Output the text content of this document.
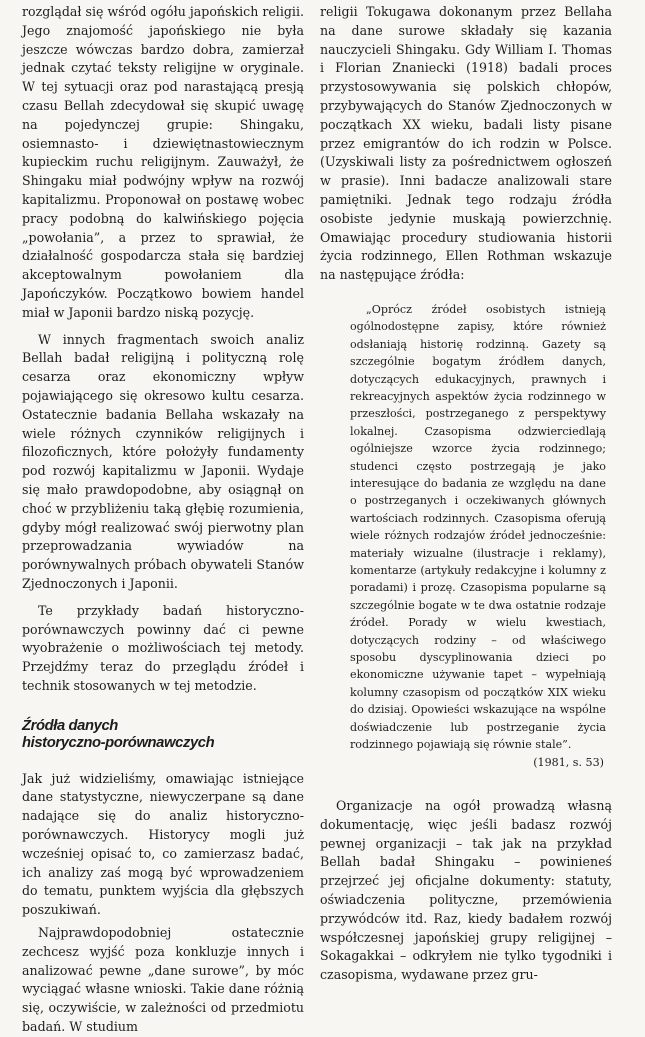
rozglądał się wśród ogółu japońskich religii. Jego znajomość japońskiego nie była jeszcze wówczas bardzo dobra, zamierzał jednak czytać teksty religijne w oryginale. W tej sytuacji oraz pod narastającą presją czasu Bellah zdecydował się skupić uwagę na pojedynczej grupie: Shingaku, osiemnasto- i dziewiętnastowiecznym kupieckim ruchu religijnym. Zauważył, że Shingaku miał podwójny wpływ na rozwój kapitalizmu. Proponował on postawę wobec pracy podobną do kalwińskiego pojęcia „powołania”, a przez to sprawiał, że działalność gospodarcza stała się bardziej akceptowalnym powołaniem dla Japończyków. Początkowo bowiem handel miał w Japonii bardzo niską pozycję.

W innych fragmentach swoich analiz Bellah badał religijną i polityczną rolę cesarza oraz ekonomiczny wpływ pojawiającego się okresowo kultu cesarza. Ostatecznie badania Bellaha wskazały na wiele różnych czynników religijnych i filozoficznych, które położyły fundamenty pod rozwój kapitalizmu w Japonii. Wydaje się mało prawdopodobne, aby osiągnął on choć w przybliżeniu taką głębię rozumienia, gdyby mógł realizować swój pierwotny plan przeprowadzania wywiadów na porównywalnych próbach obywateli Stanów Zjednoczonych i Japonii.

Te przykłady badań historyczno-porównawczych powinny dać ci pewne wyobrażenie o możliwościach tej metody. Przejdźmy teraz do przeglądu źródeł i technik stosowanych w tej metodzie.

Źródła danych
historyczno-porównawczych

Jak już widzieliśmy, omawiając istniejące dane statystyczne, niewyczerpane są dane nadające się do analiz historyczno-porównawczych. Historycy mogli już wcześniej opisać to, co zamierzasz badać, ich analizy zaś mogą być wprowadzeniem do tematu, punktem wyjścia dla głębszych poszukiwań.

Najprawdopodobniej ostatecznie zechcesz wyjść poza konkluzje innych i analizować pewne „dane surowe”, by móc wyciągać własne wnioski. Takie dane różnią się, oczywiście, w zależności od przedmiotu badań. W studium

religii Tokugawa dokonanym przez Bellaha na dane surowe składały się kazania nauczycieli Shingaku. Gdy William I. Thomas i Florian Znaniecki (1918) badali proces przystosowywania się polskich chłopów, przybywających do Stanów Zjednoczonych w początkach XX wieku, badali listy pisane przez emigrantów do ich rodzin w Polsce. (Uzyskiwali listy za pośrednictwem ogłoszeń w prasie). Inni badacze analizowali stare pamiętniki. Jednak tego rodzaju źródła osobiste jedynie muskają powierzchnię. Omawiając procedury studiowania historii życia rodzinnego, Ellen Rothman wskazuje na następujące źródła:

„Oprócz źródeł osobistych istnieją ogólnodostępne zapisy, które również odsłaniają historię rodzinną. Gazety są szczególnie bogatym źródłem danych, dotyczących edukacyjnych, prawnych i rekreacyjnych aspektów życia rodzinnego w przeszłości, postrzeganego z perspektywy lokalnej. Czasopisma odzwierciedlają ogólniejsze wzorce życia rodzinnego; studenci często postrzegają je jako interesujące do badania ze względu na dane o postrzeganych i oczekiwanych głównych wartościach rodzinnych. Czasopisma oferują wiele różnych rodzajów źródeł jednocześnie: materiały wizualne (ilustracje i reklamy), komentarze (artykuły redakcyjne i kolumny z poradami) i prozę. Czasopisma popularne są szczególnie bogate w te dwa ostatnie rodzaje źródeł. Porady w wielu kwestiach, dotyczących rodziny – od właściwego sposobu dyscyplinowania dzieci po ekonomiczne używanie tapet – wypełniają kolumny czasopism od początków XIX wieku do dzisiaj. Opowieści wskazujące na wspólne doświadczenie lub postrzeganie życia rodzinnego pojawiają się równie stale”.

(1981, s. 53)

Organizacje na ogół prowadzą własną dokumentację, więc jeśli badasz rozwój pewnej organizacji – tak jak na przykład Bellah badał Shingaku – powinieneś przejrzeć jej oficjalne dokumenty: statuty, oświadczenia polityczne, przemówienia przywódców itd. Raz, kiedy badałem rozwój współczesnej japońskiej grupy religijnej – Sokagakkai – odkryłem nie tylko tygodniki i czasopisma, wydawane przez gru-
